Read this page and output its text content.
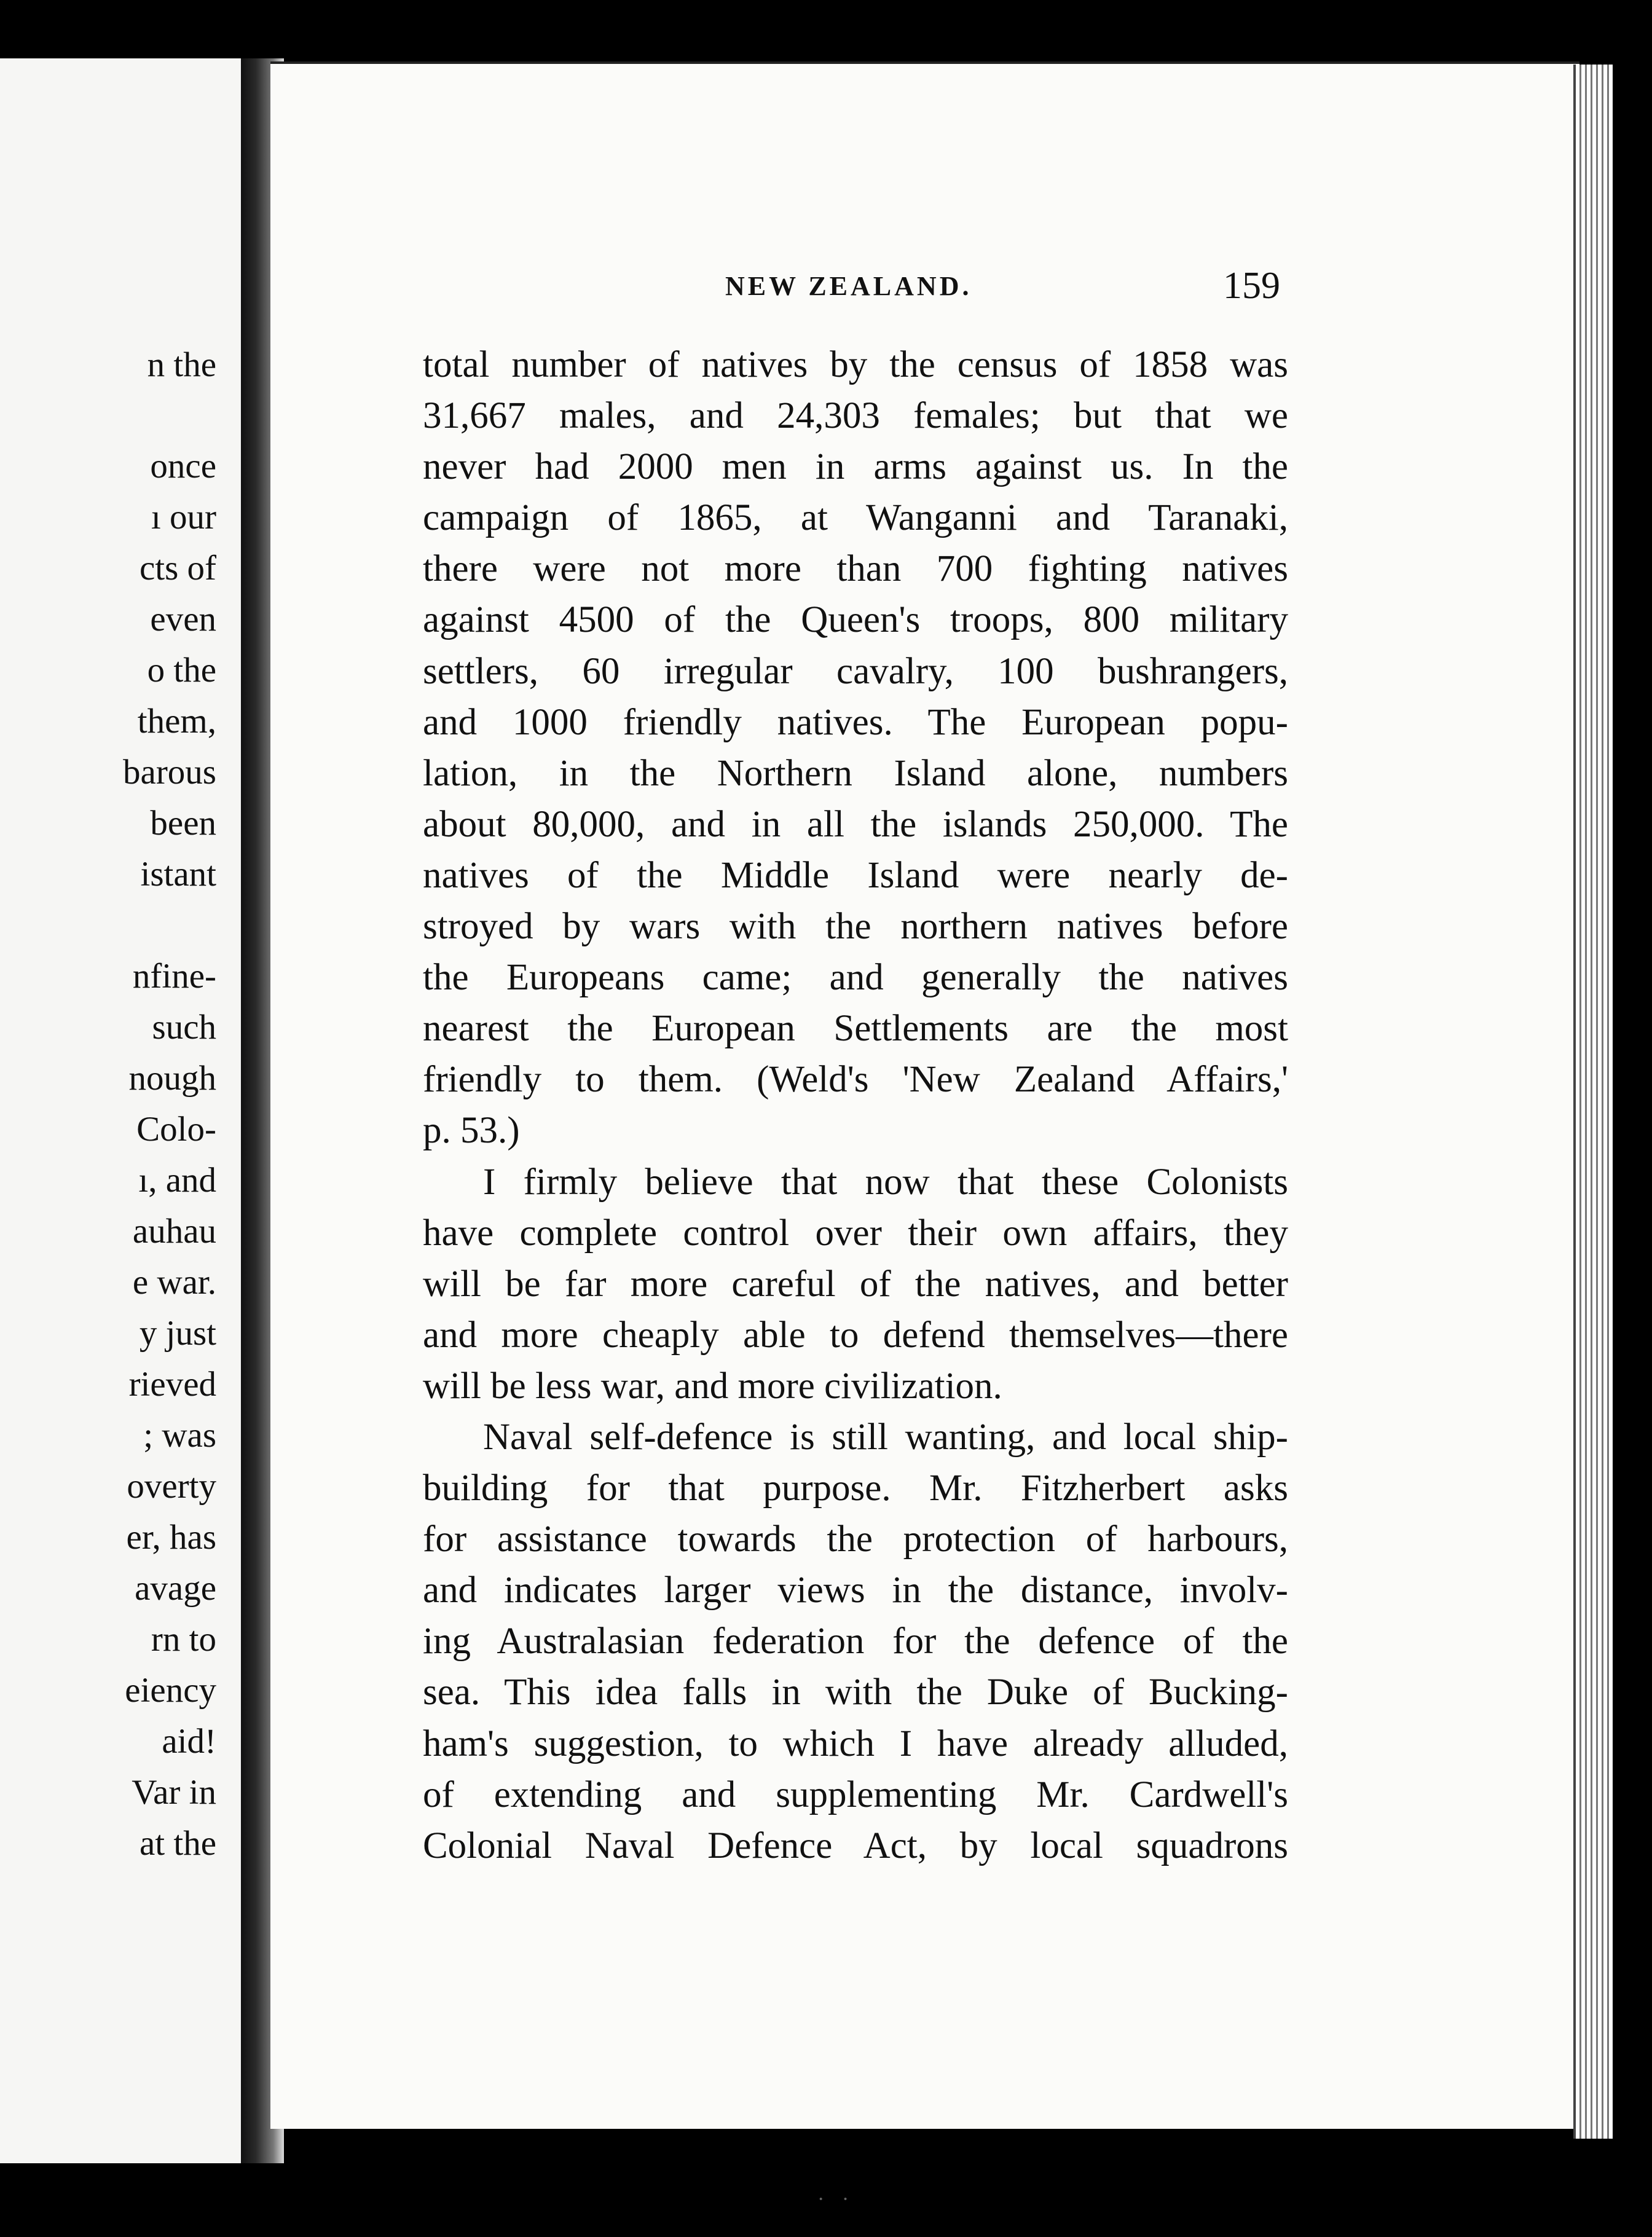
n the
once
ı our
cts of
even
o the
them,
barous
been
istant
nfine-
such
nough
Colo-
ı, and
auhau
e war.
y just
rieved
; was
overty
er, has
avage
rn to
eiency
aid!
Var in
at the
NEW ZEALAND.	159
total number of natives by the census of 1858 was
31,667 males, and 24,303 females; but that we
never had 2000 men in arms against us. In the
campaign of 1865, at Wanganni and Taranaki,
there were not more than 700 fighting natives
against 4500 of the Queen's troops, 800 military
settlers, 60 irregular cavalry, 100 bushrangers,
and 1000 friendly natives. The European popu-
lation, in the Northern Island alone, numbers
about 80,000, and in all the islands 250,000. The
natives of the Middle Island were nearly de-
stroyed by wars with the northern natives before
the Europeans came; and generally the natives
nearest the European Settlements are the most
friendly to them. (Weld's 'New Zealand Affairs,'
p. 53.)
I firmly believe that now that these Colonists
have complete control over their own affairs, they
will be far more careful of the natives, and better
and more cheaply able to defend themselves—there
will be less war, and more civilization.
Naval self-defence is still wanting, and local ship-
building for that purpose. Mr. Fitzherbert asks
for assistance towards the protection of harbours,
and indicates larger views in the distance, involv-
ing Australasian federation for the defence of the
sea. This idea falls in with the Duke of Bucking-
ham's suggestion, to which I have already alluded,
of extending and supplementing Mr. Cardwell's
Colonial Naval Defence Act, by local squadrons
· ·
